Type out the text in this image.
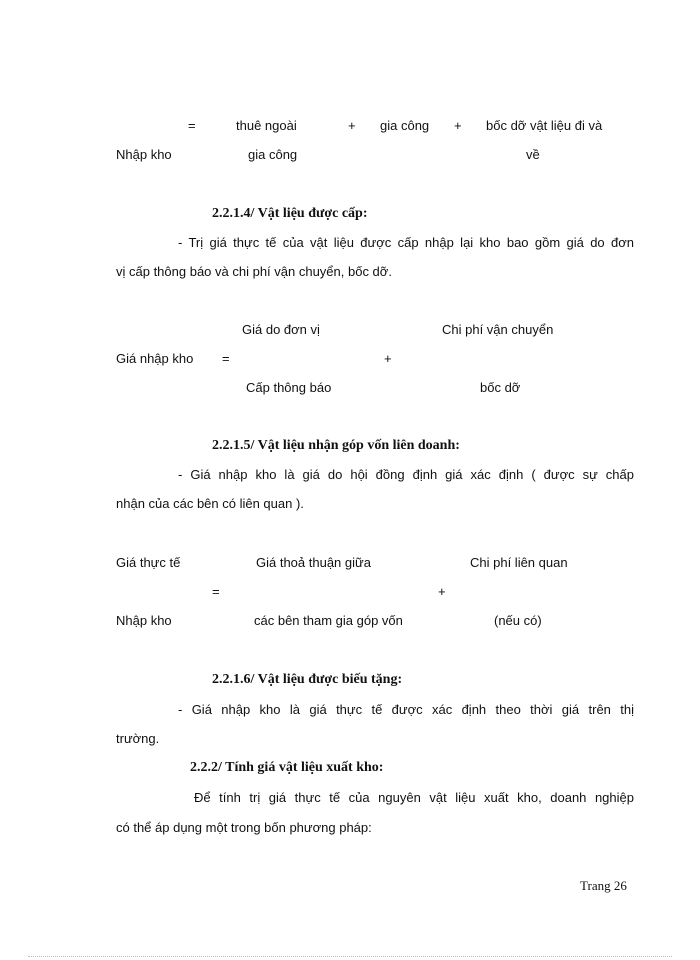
=	thuê ngoài	+ gia công + bốc dỡ vật liệu đi và
Nhập kho	gia công	về
2.2.1.4/ Vật liệu được cấp:
- Trị giá thực tế của vật liệu được cấp nhập lại kho bao gồm giá do đơn
vị cấp thông báo và chi phí vận chuyển, bốc dỡ.
Giá do đơn vị	Chi phí vận chuyển
Giá nhập kho =	+
Cấp thông báo	bốc dỡ
2.2.1.5/ Vật liệu nhận góp vốn liên doanh:
- Giá nhập kho là giá do hội đồng định giá xác định ( được sự chấp
nhận của các bên có liên quan ).
Giá thực tế	Giá thoả thuận giữa	Chi phí liên quan
=	+
Nhập kho	các bên tham gia góp vốn	(nếu có)
2.2.1.6/ Vật liệu được biếu tặng:
- Giá nhập kho là giá thực tế được xác định theo thời giá trên thị
trường.
2.2.2/ Tính giá vật liệu xuất kho:
Để tính trị giá thực tế của nguyên vật liệu xuất kho, doanh nghiệp
có thể áp dụng một trong bốn phương pháp:
Trang 26
